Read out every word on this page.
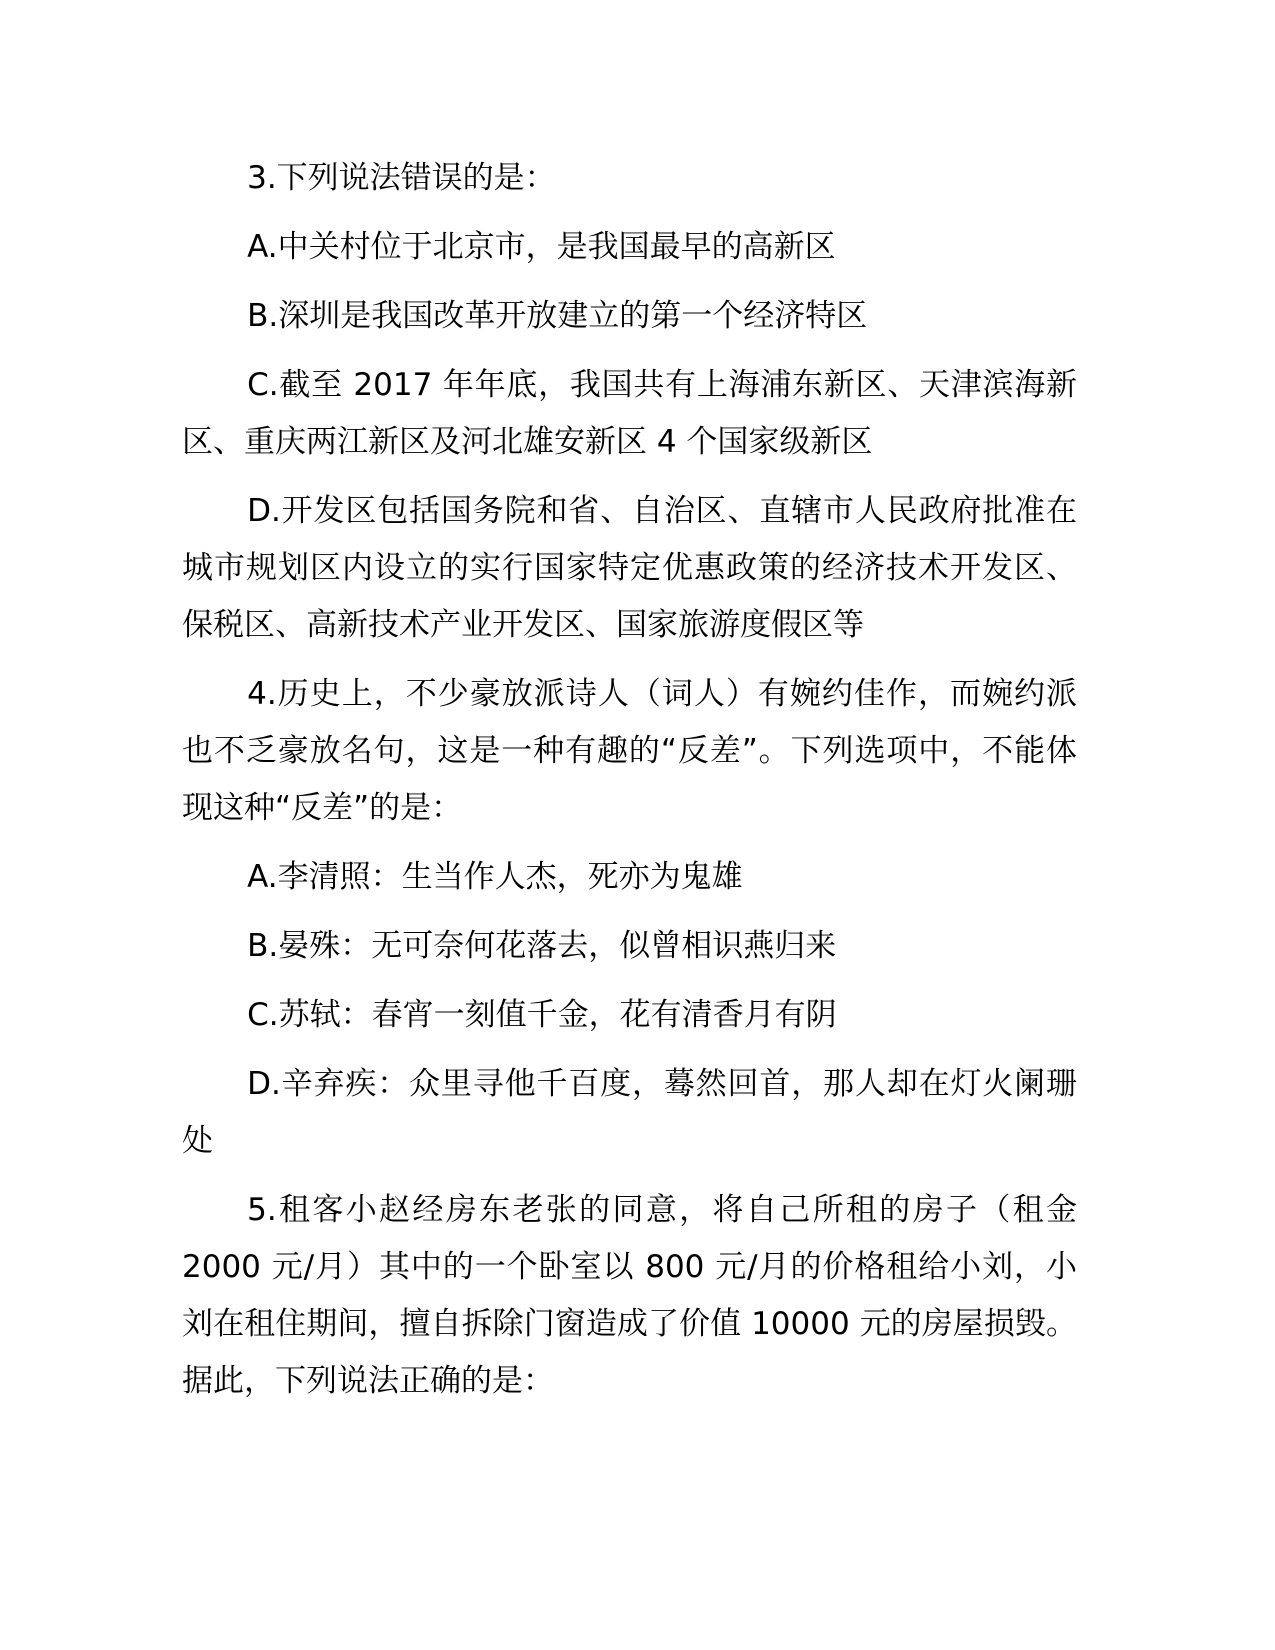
3.下列说法错误的是：

A.中关村位于北京市，是我国最早的高新区

B.深圳是我国改革开放建立的第一个经济特区

C.截至 2017 年年底，我国共有上海浦东新区、天津滨海新区、重庆两江新区及河北雄安新区 4 个国家级新区

D.开发区包括国务院和省、自治区、直辖市人民政府批准在城市规划区内设立的实行国家特定优惠政策的经济技术开发区、保税区、高新技术产业开发区、国家旅游度假区等

4.历史上，不少豪放派诗人（词人）有婉约佳作，而婉约派也不乏豪放名句，这是一种有趣的“反差”。下列选项中，不能体现这种“反差”的是：

A.李清照：生当作人杰，死亦为鬼雄

B.晏殊：无可奈何花落去，似曾相识燕归来

C.苏轼：春宵一刻值千金，花有清香月有阴

D.辛弃疾：众里寻他千百度，蓦然回首，那人却在灯火阑珊处

5.租客小赵经房东老张的同意，将自己所租的房子（租金 2000 元/月）其中的一个卧室以 800 元/月的价格租给小刘，小刘在租住期间，擅自拆除门窗造成了价值 10000 元的房屋损毁。据此，下列说法正确的是：
